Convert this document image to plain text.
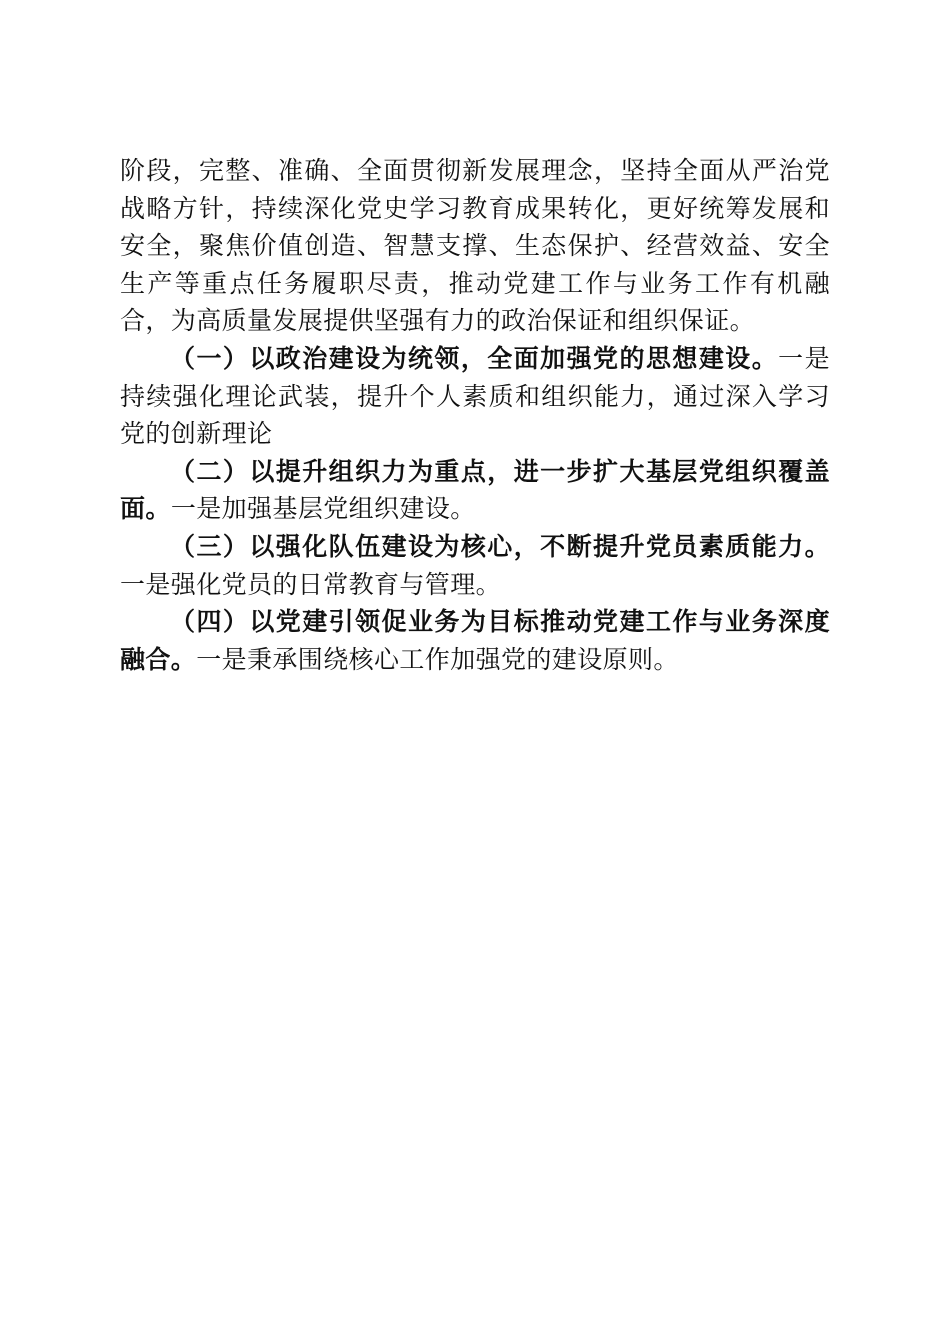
阶段，完整、准确、全面贯彻新发展理念，坚持全面从严治党战略方针，持续深化党史学习教育成果转化，更好统筹发展和安全，聚焦价值创造、智慧支撑、生态保护、经营效益、安全生产等重点任务履职尽责，推动党建工作与业务工作有机融合，为高质量发展提供坚强有力的政治保证和组织保证。

（一）以政治建设为统领，全面加强党的思想建设。一是持续强化理论武装，提升个人素质和组织能力，通过深入学习党的创新理论

（二）以提升组织力为重点，进一步扩大基层党组织覆盖面。一是加强基层党组织建设。

（三）以强化队伍建设为核心，不断提升党员素质能力。一是强化党员的日常教育与管理。

（四）以党建引领促业务为目标推动党建工作与业务深度融合。一是秉承围绕核心工作加强党的建设原则。
